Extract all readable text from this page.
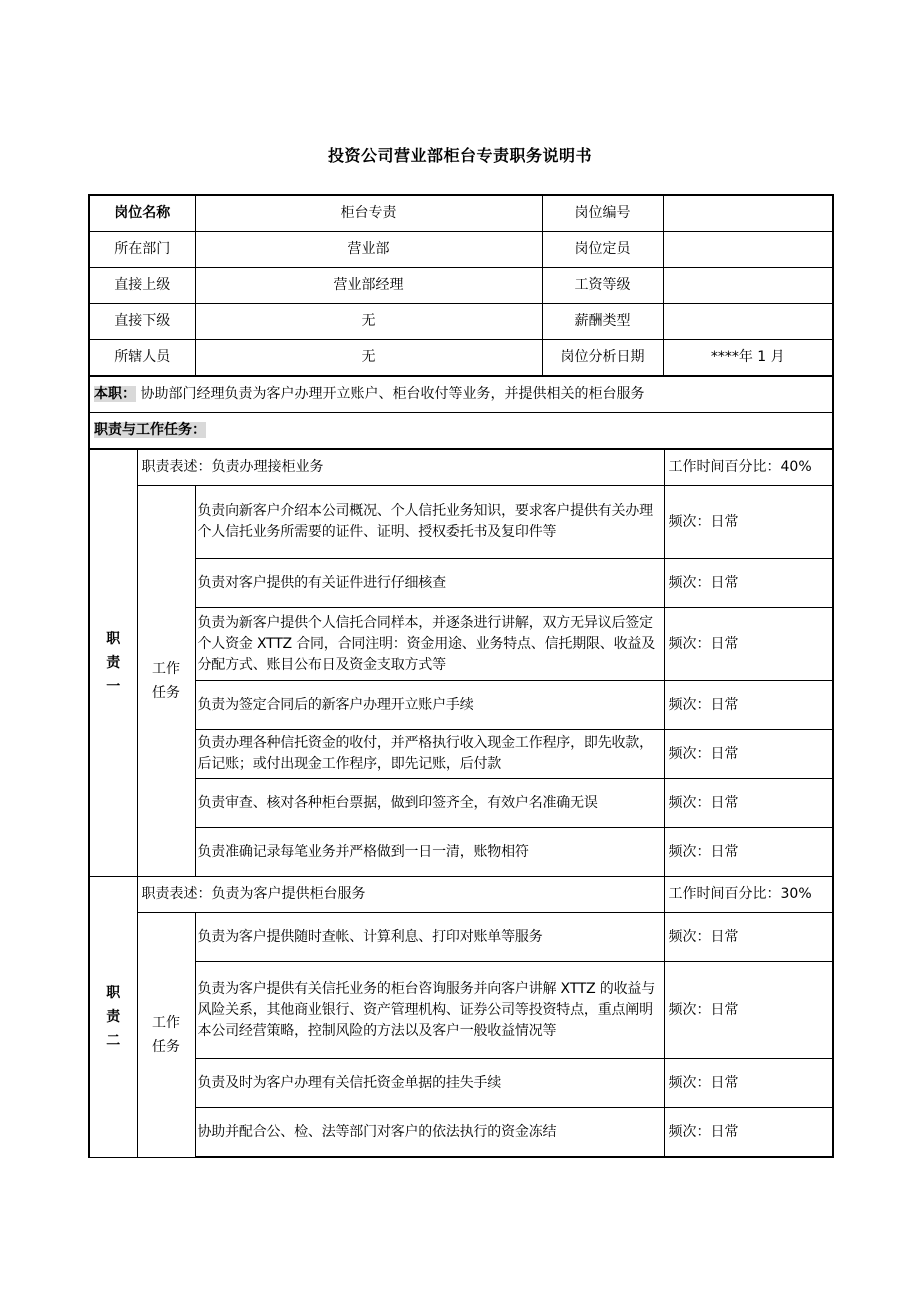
投资公司营业部柜台专责职务说明书
岗位名称	柜台专责	岗位编号	
所在部门	营业部	岗位定员	
直接上级	营业部经理	工资等级	
直接下级	无	薪酬类型	
所辖人员	无	岗位分析日期	****年 1 月
本职： 协助部门经理负责为客户办理开立账户、柜台收付等业务，并提供相关的柜台服务
职责与工作任务：
职
责
一	职责表述：负责办理接柜业务		工作时间百分比：40%
	工作
任务	负责向新客户介绍本公司概况、个人信托业务知识，要求客户提供有关办理个人信托业务所需要的证件、证明、授权委托书及复印件等	频次：日常
		负责对客户提供的有关证件进行仔细核查	频次：日常
		负责为新客户提供个人信托合同样本，并逐条进行讲解，双方无异议后签定个人资金 XTTZ 合同，合同注明：资金用途、业务特点、信托期限、收益及分配方式、账目公布日及资金支取方式等	频次：日常
		负责为签定合同后的新客户办理开立账户手续	频次：日常
		负责办理各种信托资金的收付，并严格执行收入现金工作程序，即先收款，后记账；或付出现金工作程序，即先记账，后付款	频次：日常
		负责审查、核对各种柜台票据，做到印签齐全，有效户名准确无误	频次：日常
		负责准确记录每笔业务并严格做到一日一清，账物相符	频次：日常
职
责
二	职责表述：负责为客户提供柜台服务		工作时间百分比：30%
	工作
任务	负责为客户提供随时查帐、计算利息、打印对账单等服务	频次：日常
		负责为客户提供有关信托业务的柜台咨询服务并向客户讲解 XTTZ 的收益与风险关系，其他商业银行、资产管理机构、证券公司等投资特点，重点阐明本公司经营策略，控制风险的方法以及客户一般收益情况等	频次：日常
		负责及时为客户办理有关信托资金单据的挂失手续	频次：日常
		协助并配合公、检、法等部门对客户的依法执行的资金冻结	频次：日常
